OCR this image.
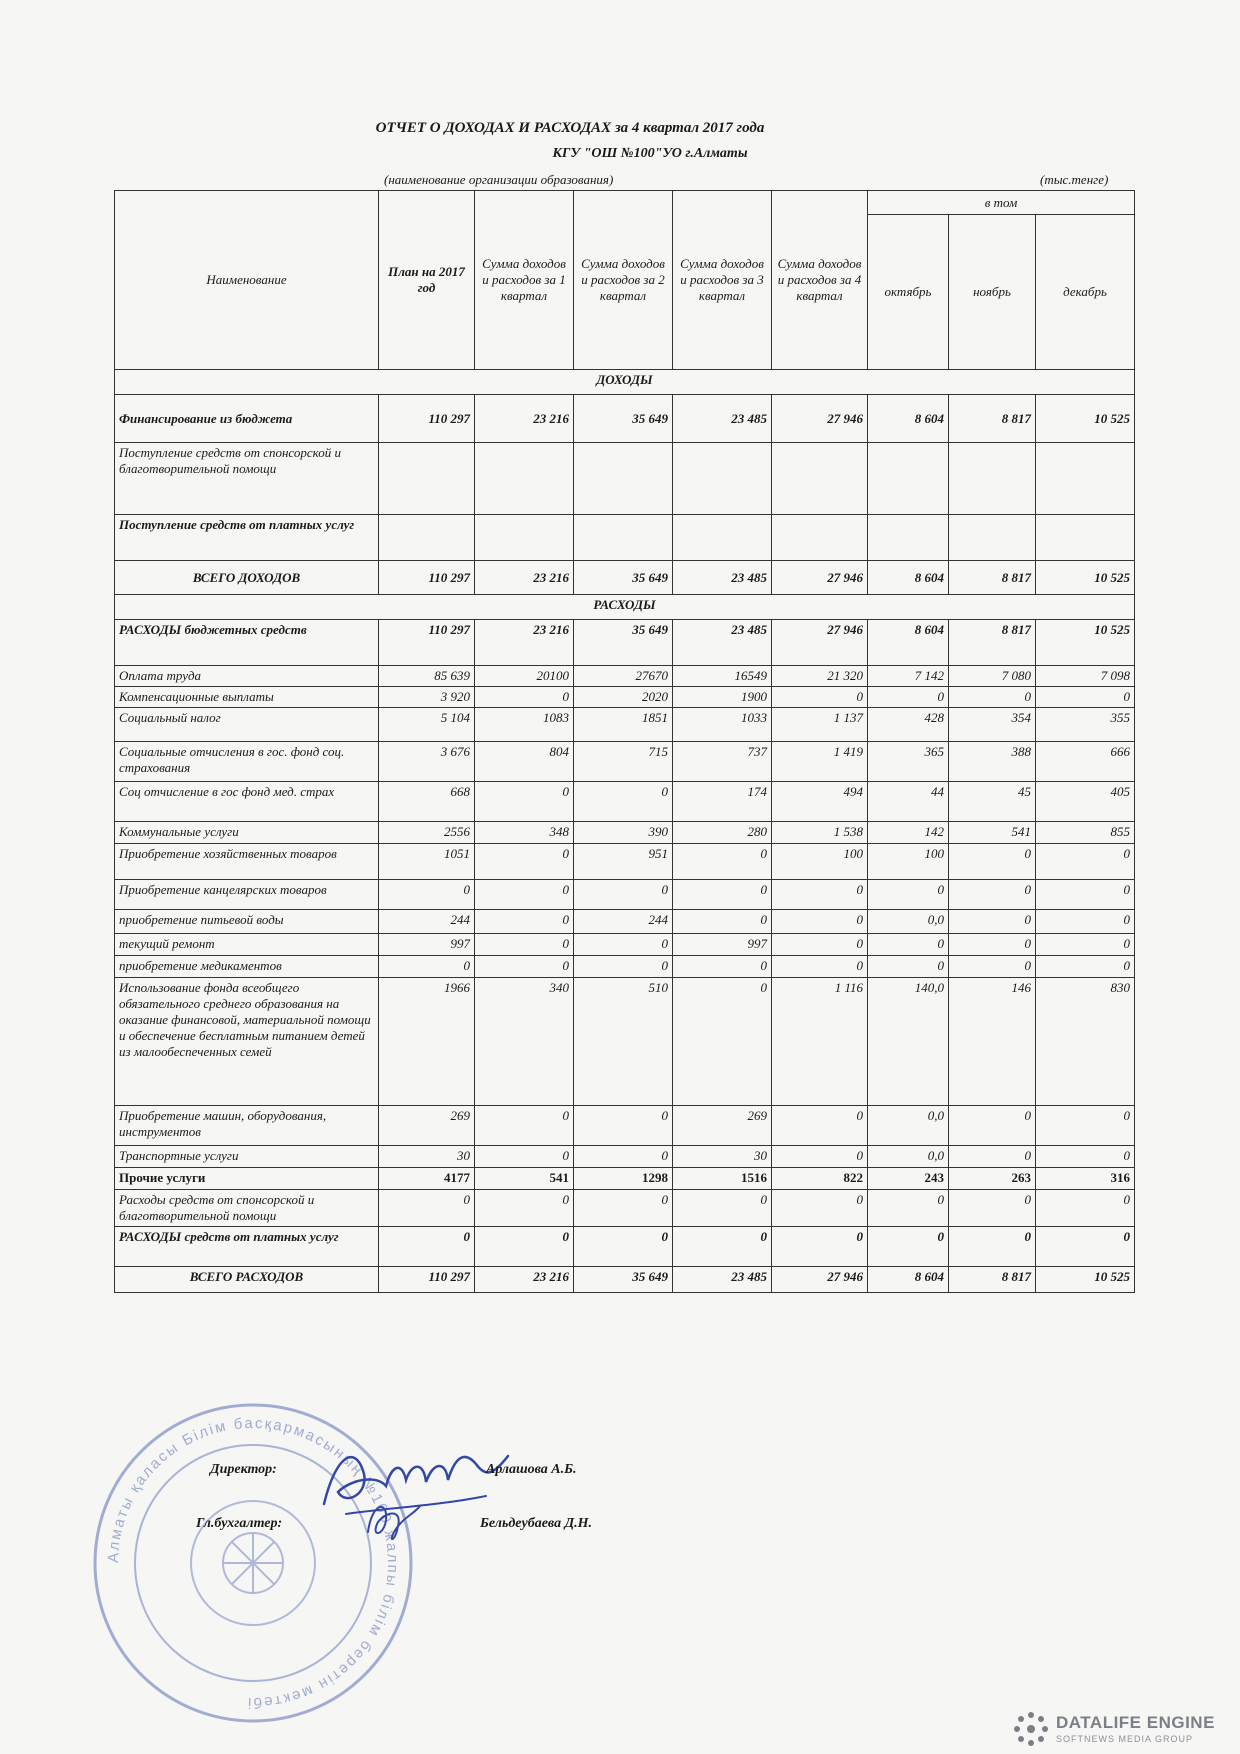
ОТЧЕТ О ДОХОДАХ И РАСХОДАХ за 4 квартал 2017 года
КГУ "ОШ №100"УО г.Алматы
(наименование организации образования)	(тыс.тенге)
Наименование	План на 2017 год	Сумма доходов и расходов за 1 квартал	Сумма доходов и расходов за 2 квартал	Сумма доходов и расходов за 3 квартал	Сумма доходов и расходов за 4 квартал	в том		
						октябрь	ноябрь	декабрь
ДОХОДЫ								
Финансирование из бюджета	110 297	23 216	35 649	23 485	27 946	8 604	8 817	10 525
Поступление средств от спонсорской и благотворительной помощи								
Поступление средств от платных услуг								
ВСЕГО ДОХОДОВ	110 297	23 216	35 649	23 485	27 946	8 604	8 817	10 525
РАСХОДЫ								
РАСХОДЫ бюджетных средств	110 297	23 216	35 649	23 485	27 946	8 604	8 817	10 525
Оплата труда	85 639	20100	27670	16549	21 320	7 142	7 080	7 098
Компенсационные выплаты	3 920	0	2020	1900	0	0	0	0
Социальный налог	5 104	1083	1851	1033	1 137	428	354	355
Социальные отчисления в гос. фонд соц. страхования	3 676	804	715	737	1 419	365	388	666
Соц отчисление в гос фонд мед. страх	668	0	0	174	494	44	45	405
Коммунальные услуги	2556	348	390	280	1 538	142	541	855
Приобретение хозяйственных товаров	1051	0	951	0	100	100	0	0
Приобретение канцелярских товаров	0	0	0	0	0	0	0	0
приобретение питьевой воды	244	0	244	0	0	0,0	0	0
текущий ремонт	997	0	0	997	0	0	0	0
приобретение медикаментов	0	0	0	0	0	0	0	0
Использование фонда всеобщего обязательного среднего образования на оказание финансовой, материальной помощи и обеспечение бесплатным питанием детей из малообеспеченных семей	1966	340	510	0	1 116	140,0	146	830
Приобретение машин, оборудования, инструментов	269	0	0	269	0	0,0	0	0
Транспортные услуги	30	0	0	30	0	0,0	0	0
Прочие услуги	4177	541	1298	1516	822	243	263	316
Расходы средств от спонсорской и благотворительной помощи	0	0	0	0	0	0	0	0
РАСХОДЫ средств от платных услуг	0	0	0	0	0	0	0	0
ВСЕГО РАСХОДОВ	110 297	23 216	35 649	23 485	27 946	8 604	8 817	10 525
Алматы қаласы Білім басқармасының №100 жалпы білім беретін мектебі
Директор:	Арлашова А.Б.
Гл.бухгалтер:	Бельдеубаева Д.Н.
DATALIFE ENGINE
SOFTNEWS MEDIA GROUP
